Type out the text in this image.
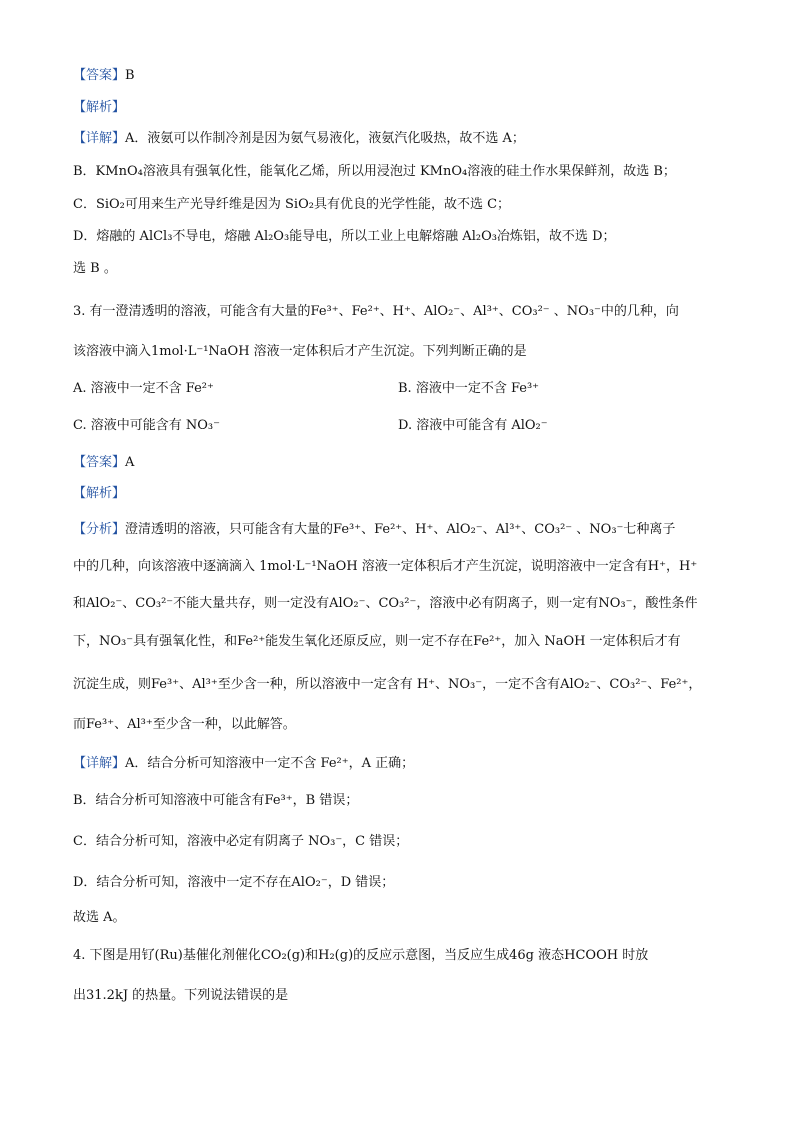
【答案】B
【解析】
【详解】A．液氨可以作制冷剂是因为氨气易液化，液氨汽化吸热，故不选 A；
B．KMnO₄溶液具有强氧化性，能氧化乙烯，所以用浸泡过 KMnO₄溶液的硅土作水果保鲜剂，故选 B；
C．SiO₂可用来生产光导纤维是因为 SiO₂具有优良的光学性能，故不选 C；
D．熔融的 AlCl₃不导电，熔融 Al₂O₃能导电，所以工业上电解熔融 Al₂O₃冶炼铝，故不选 D；
选 B 。
3. 有一澄清透明的溶液，可能含有大量的Fe³⁺、Fe²⁺、H⁺、AlO₂⁻、Al³⁺、CO₃²⁻ 、NO₃⁻中的几种，向
该溶液中滴入1mol·L⁻¹NaOH 溶液一定体积后才产生沉淀。下列判断正确的是
A. 溶液中一定不含 Fe²⁺	B. 溶液中一定不含 Fe³⁺
C. 溶液中可能含有 NO₃⁻	D. 溶液中可能含有 AlO₂⁻
【答案】A
【解析】
【分析】澄清透明的溶液，只可能含有大量的Fe³⁺、Fe²⁺、H⁺、AlO₂⁻、Al³⁺、CO₃²⁻ 、NO₃⁻七种离子
中的几种，向该溶液中逐滴滴入 1mol·L⁻¹NaOH 溶液一定体积后才产生沉淀，说明溶液中一定含有H⁺，H⁺
和AlO₂⁻、CO₃²⁻不能大量共存，则一定没有AlO₂⁻、CO₃²⁻，溶液中必有阴离子，则一定有NO₃⁻，酸性条件
下，NO₃⁻具有强氧化性，和Fe²⁺能发生氧化还原反应，则一定不存在Fe²⁺，加入 NaOH 一定体积后才有
沉淀生成，则Fe³⁺、Al³⁺至少含一种，所以溶液中一定含有 H⁺、NO₃⁻，一定不含有AlO₂⁻、CO₃²⁻、Fe²⁺，
而Fe³⁺、Al³⁺至少含一种，以此解答。
【详解】A．结合分析可知溶液中一定不含 Fe²⁺，A 正确；
B．结合分析可知溶液中可能含有Fe³⁺，B 错误；
C．结合分析可知，溶液中必定有阴离子 NO₃⁻，C 错误；
D．结合分析可知，溶液中一定不存在AlO₂⁻，D 错误；
故选 A。
4. 下图是用钌(Ru)基催化剂催化CO₂(g)和H₂(g)的反应示意图，当反应生成46g 液态HCOOH 时放
出31.2kJ 的热量。下列说法错误的是
